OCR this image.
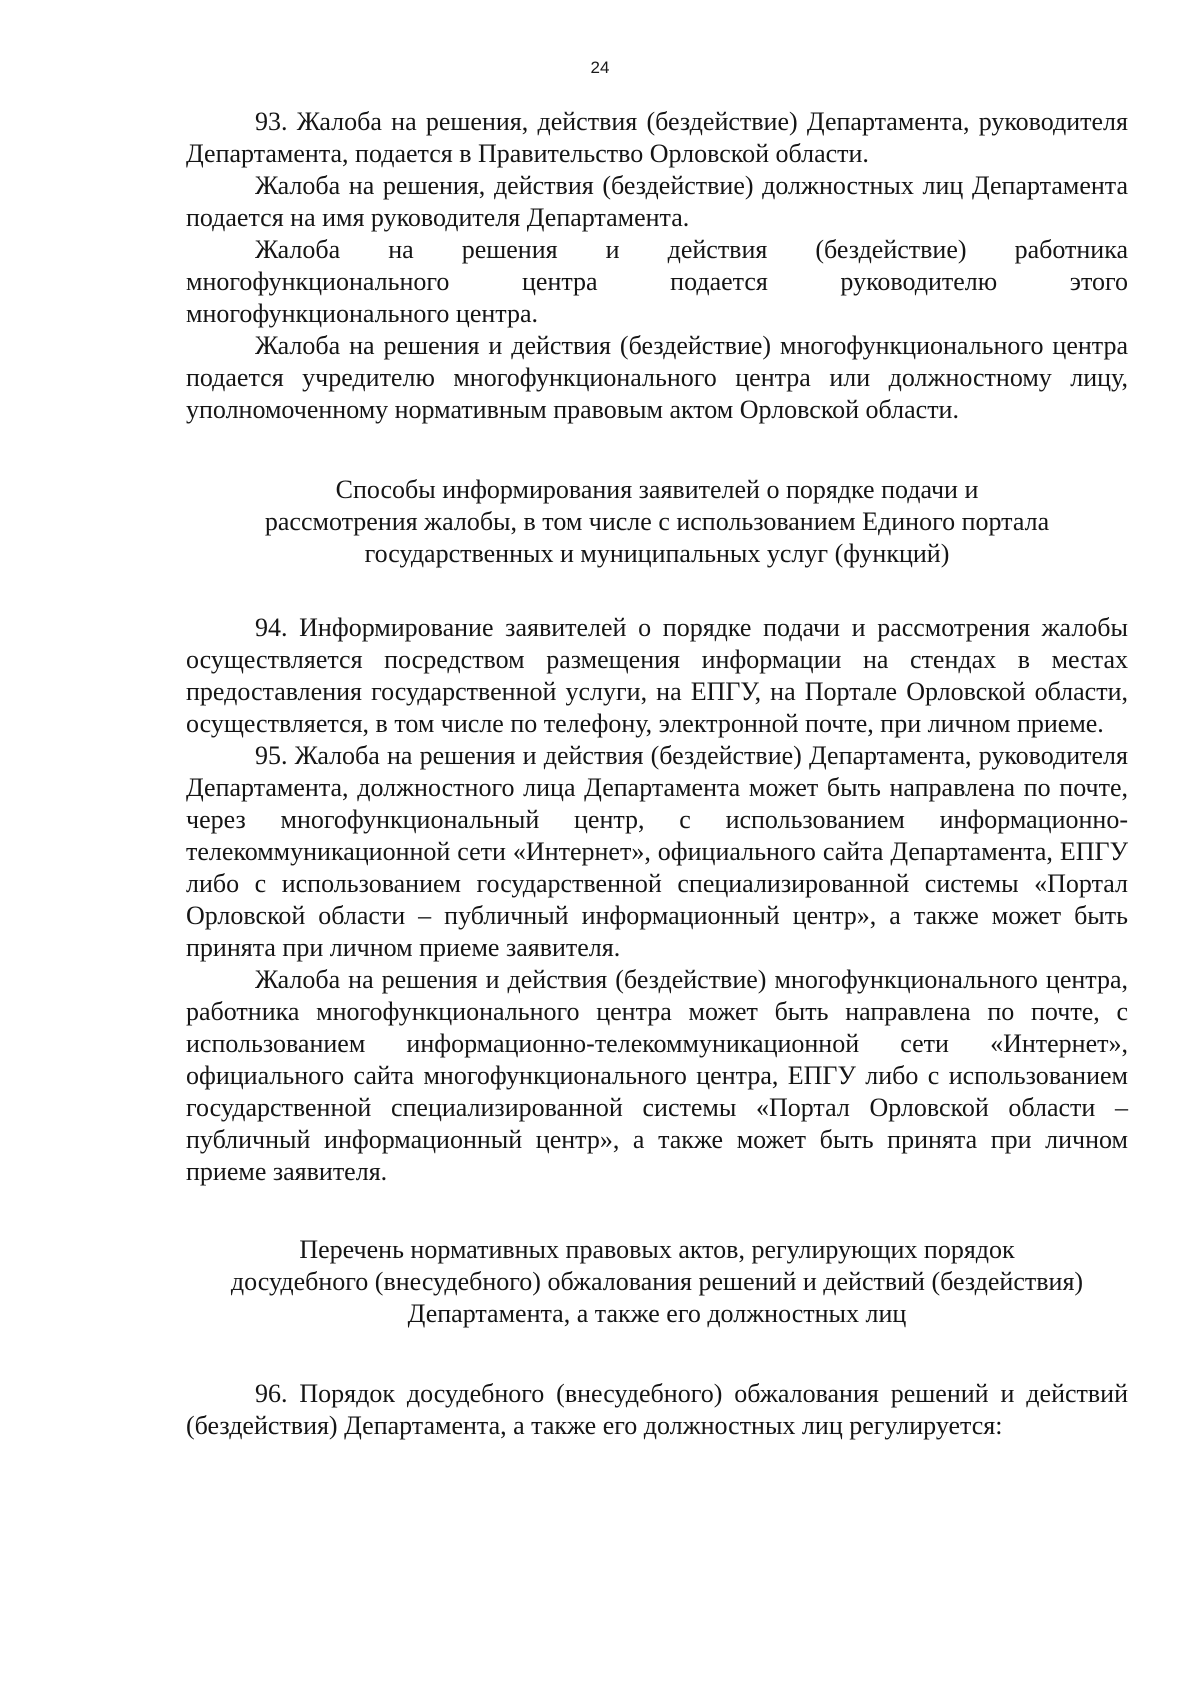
24

93. Жалоба на решения, действия (бездействие) Департамента, руководителя Департамента, подается в Правительство Орловской области.

Жалоба на решения, действия (бездействие) должностных лиц Департамента подается на имя руководителя Департамента.

Жалоба на решения и действия (бездействие) работника многофункционального центра подается руководителю этого многофункционального центра.

Жалоба на решения и действия (бездействие) многофункционального центра подается учредителю многофункционального центра или должностному лицу, уполномоченному нормативным правовым актом Орловской области.

Способы информирования заявителей о порядке подачи и
рассмотрения жалобы, в том числе с использованием Единого портала
государственных и муниципальных услуг (функций)

94. Информирование заявителей о порядке подачи и рассмотрения жалобы осуществляется посредством размещения информации на стендах в местах предоставления государственной услуги, на ЕПГУ, на Портале Орловской области, осуществляется, в том числе по телефону, электронной почте, при личном приеме.

95. Жалоба на решения и действия (бездействие) Департамента, руководителя Департамента, должностного лица Департамента может быть направлена по почте, через многофункциональный центр, с использованием информационно-телекоммуникационной сети «Интернет», официального сайта Департамента, ЕПГУ либо с использованием государственной специализированной системы «Портал Орловской области – публичный информационный центр», а также может быть принята при личном приеме заявителя.

Жалоба на решения и действия (бездействие) многофункционального центра, работника многофункционального центра может быть направлена по почте, с использованием информационно-телекоммуникационной сети «Интернет», официального сайта многофункционального центра, ЕПГУ либо с использованием государственной специализированной системы «Портал Орловской области – публичный информационный центр», а также может быть принята при личном приеме заявителя.

Перечень нормативных правовых актов, регулирующих порядок
досудебного (внесудебного) обжалования решений и действий (бездействия)
Департамента, а также его должностных лиц

96. Порядок досудебного (внесудебного) обжалования решений и действий (бездействия) Департамента, а также его должностных лиц регулируется:
